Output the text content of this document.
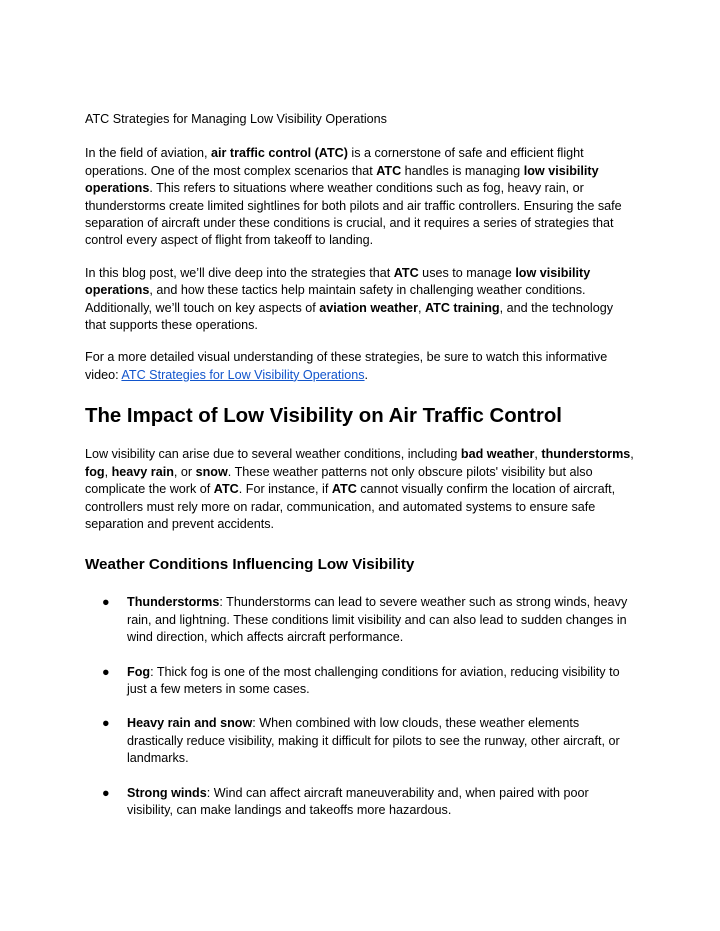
ATC Strategies for Managing Low Visibility Operations

In the field of aviation, air traffic control (ATC) is a cornerstone of safe and efficient flight operations. One of the most complex scenarios that ATC handles is managing low visibility operations. This refers to situations where weather conditions such as fog, heavy rain, or thunderstorms create limited sightlines for both pilots and air traffic controllers. Ensuring the safe separation of aircraft under these conditions is crucial, and it requires a series of strategies that control every aspect of flight from takeoff to landing.

In this blog post, we’ll dive deep into the strategies that ATC uses to manage low visibility operations, and how these tactics help maintain safety in challenging weather conditions. Additionally, we’ll touch on key aspects of aviation weather, ATC training, and the technology that supports these operations.

For a more detailed visual understanding of these strategies, be sure to watch this informative video: ATC Strategies for Low Visibility Operations.

The Impact of Low Visibility on Air Traffic Control

Low visibility can arise due to several weather conditions, including bad weather, thunderstorms, fog, heavy rain, or snow. These weather patterns not only obscure pilots' visibility but also complicate the work of ATC. For instance, if ATC cannot visually confirm the location of aircraft, controllers must rely more on radar, communication, and automated systems to ensure safe separation and prevent accidents.

Weather Conditions Influencing Low Visibility
● Thunderstorms: Thunderstorms can lead to severe weather such as strong winds, heavy rain, and lightning. These conditions limit visibility and can also lead to sudden changes in wind direction, which affects aircraft performance.
● Fog: Thick fog is one of the most challenging conditions for aviation, reducing visibility to just a few meters in some cases.
● Heavy rain and snow: When combined with low clouds, these weather elements drastically reduce visibility, making it difficult for pilots to see the runway, other aircraft, or landmarks.
● Strong winds: Wind can affect aircraft maneuverability and, when paired with poor visibility, can make landings and takeoffs more hazardous.
